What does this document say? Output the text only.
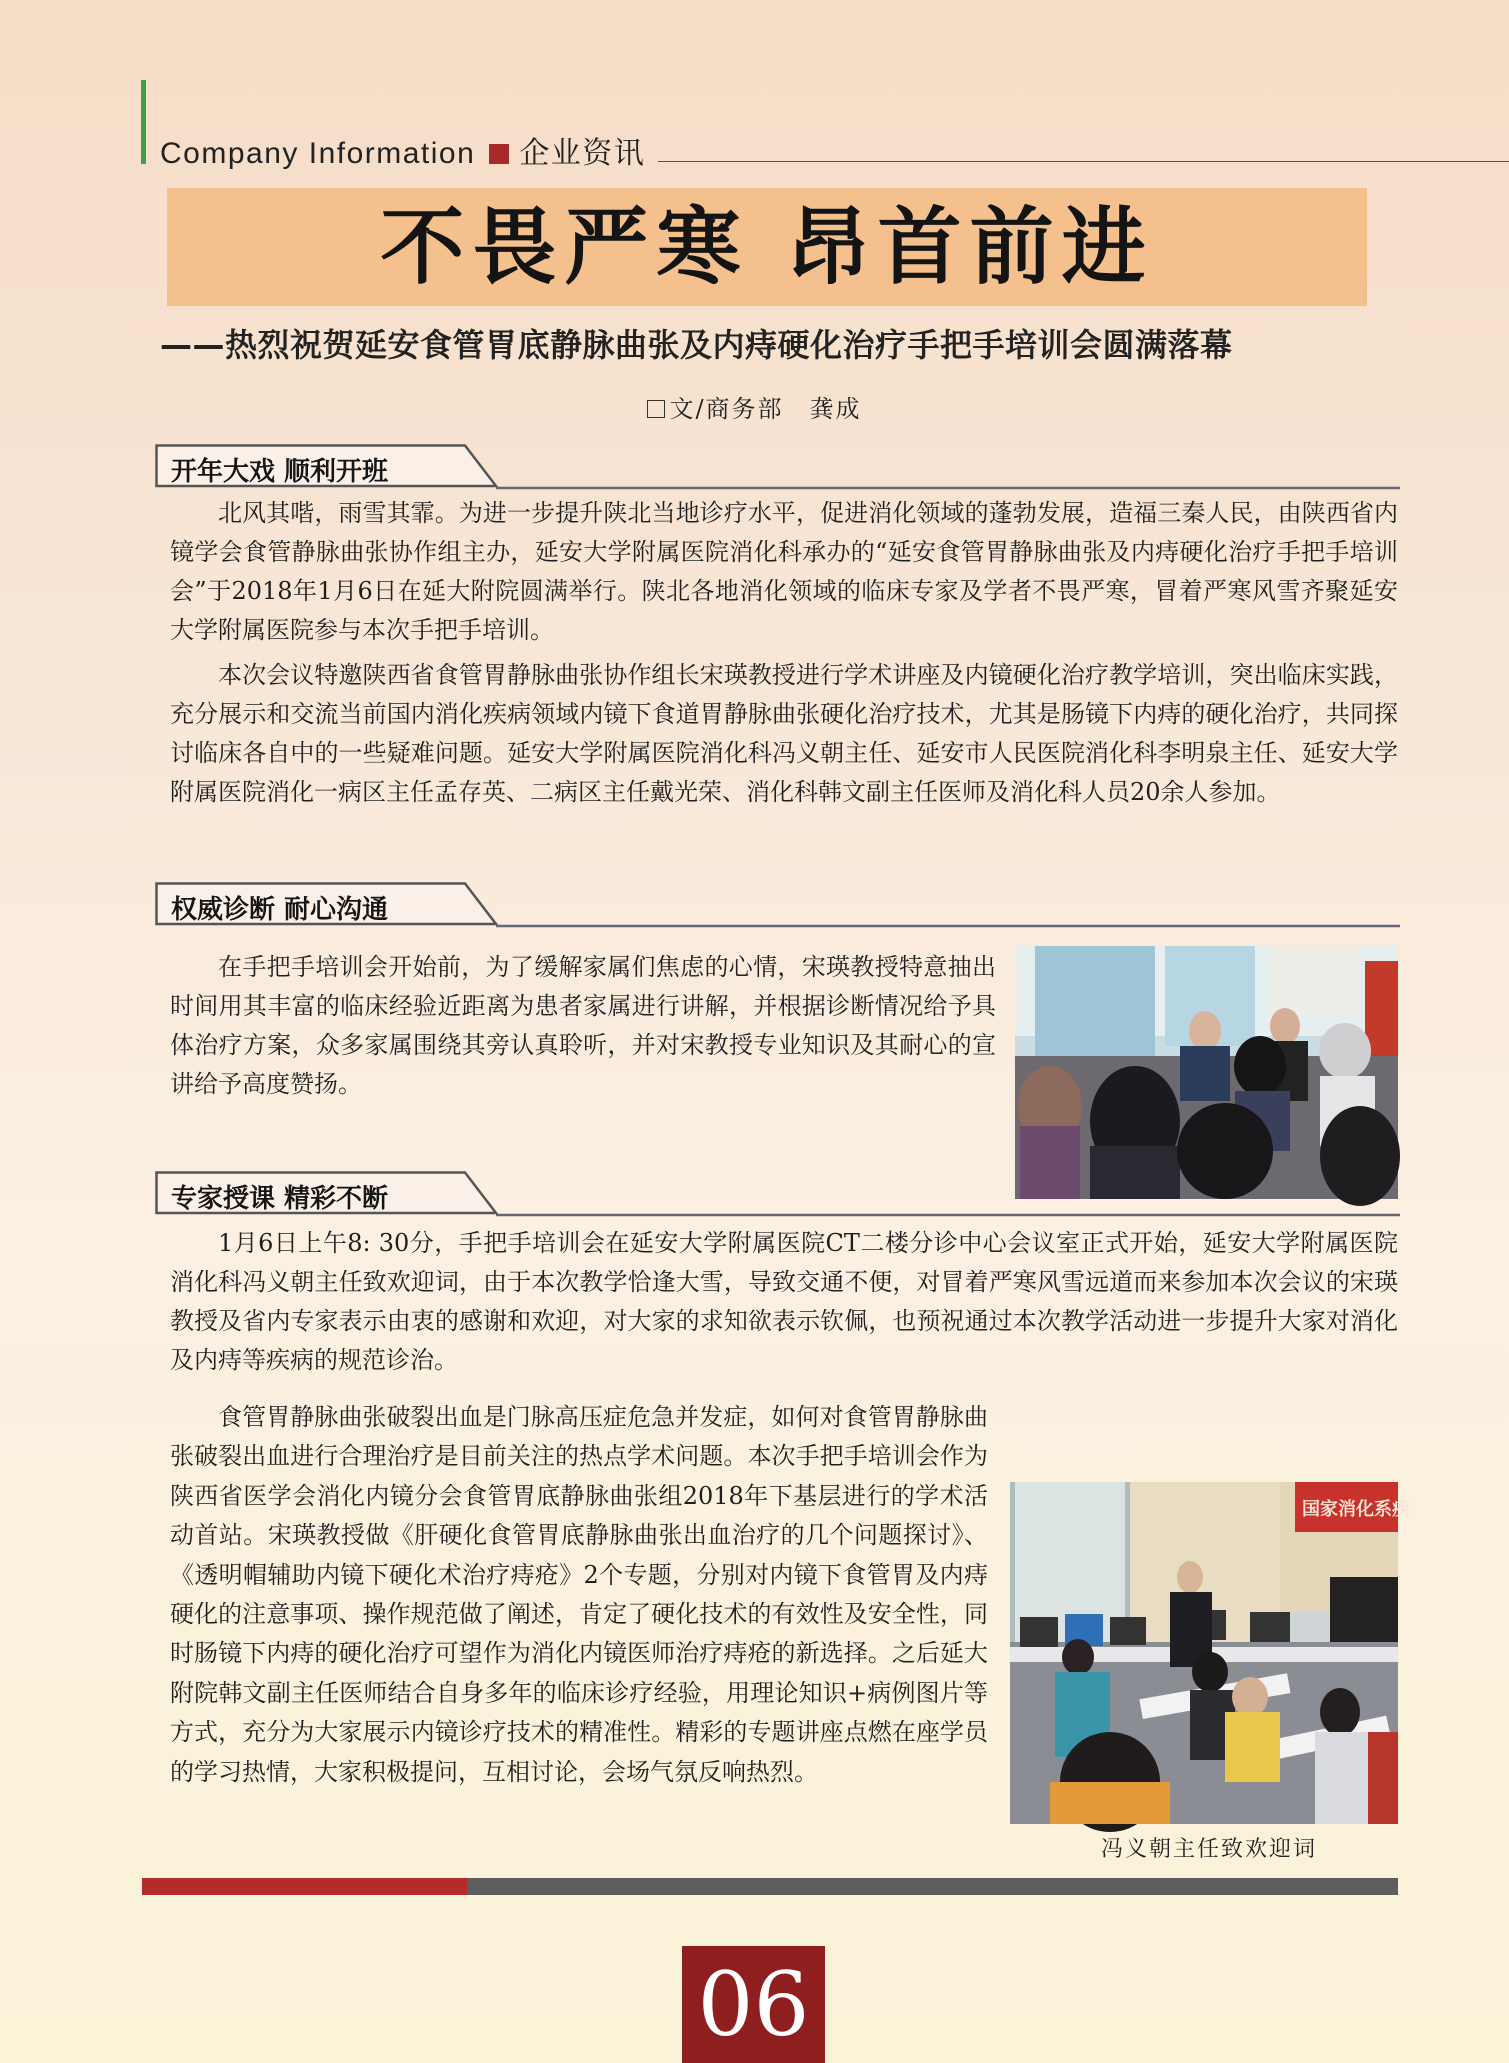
Company Information 企业资讯
不畏严寒 昂首前进
——热烈祝贺延安食管胃底静脉曲张及内痔硬化治疗手把手培训会圆满落幕
文/商务部　龚成
开年大戏 顺利开班

北风其喈，雨雪其霏。为进一步提升陕北当地诊疗水平，促进消化领域的蓬勃发展，造福三秦人民，由陕西省内镜学会食管静脉曲张协作组主办，延安大学附属医院消化科承办的“延安食管胃静脉曲张及内痔硬化治疗手把手培训会”于2018年1月6日在延大附院圆满举行。陕北各地消化领域的临床专家及学者不畏严寒，冒着严寒风雪齐聚延安大学附属医院参与本次手把手培训。

本次会议特邀陕西省食管胃静脉曲张协作组长宋瑛教授进行学术讲座及内镜硬化治疗教学培训，突出临床实践，充分展示和交流当前国内消化疾病领域内镜下食道胃静脉曲张硬化治疗技术，尤其是肠镜下内痔的硬化治疗，共同探讨临床各自中的一些疑难问题。延安大学附属医院消化科冯义朝主任、延安市人民医院消化科李明泉主任、延安大学附属医院消化一病区主任孟存英、二病区主任戴光荣、消化科韩文副主任医师及消化科人员20余人参加。

权威诊断 耐心沟通

在手把手培训会开始前，为了缓解家属们焦虑的心情，宋瑛教授特意抽出时间用其丰富的临床经验近距离为患者家属进行讲解，并根据诊断情况给予具体治疗方案，众多家属围绕其旁认真聆听，并对宋教授专业知识及其耐心的宣讲给予高度赞扬。

专家授课 精彩不断

1月6日上午8: 30分，手把手培训会在延安大学附属医院CT二楼分诊中心会议室正式开始，延安大学附属医院消化科冯义朝主任致欢迎词，由于本次教学恰逢大雪，导致交通不便，对冒着严寒风雪远道而来参加本次会议的宋瑛教授及省内专家表示由衷的感谢和欢迎，对大家的求知欲表示钦佩，也预祝通过本次教学活动进一步提升大家对消化及内痔等疾病的规范诊治。

食管胃静脉曲张破裂出血是门脉高压症危急并发症，如何对食管胃静脉曲张破裂出血进行合理治疗是目前关注的热点学术问题。本次手把手培训会作为陕西省医学会消化内镜分会食管胃底静脉曲张组2018年下基层进行的学术活动首站。宋瑛教授做《肝硬化食管胃底静脉曲张出血治疗的几个问题探讨》、《透明帽辅助内镜下硬化术治疗痔疮》2个专题，分别对内镜下食管胃及内痔硬化的注意事项、操作规范做了阐述，肯定了硬化技术的有效性及安全性，同时肠镜下内痔的硬化治疗可望作为消化内镜医师治疗痔疮的新选择。之后延大附院韩文副主任医师结合自身多年的临床诊疗经验，用理论知识+病例图片等方式，充分为大家展示内镜诊疗技术的精准性。精彩的专题讲座点燃在座学员的学习热情，大家积极提问，互相讨论，会场气氛反响热烈。

国家消化系疾
冯义朝主任致欢迎词
06
